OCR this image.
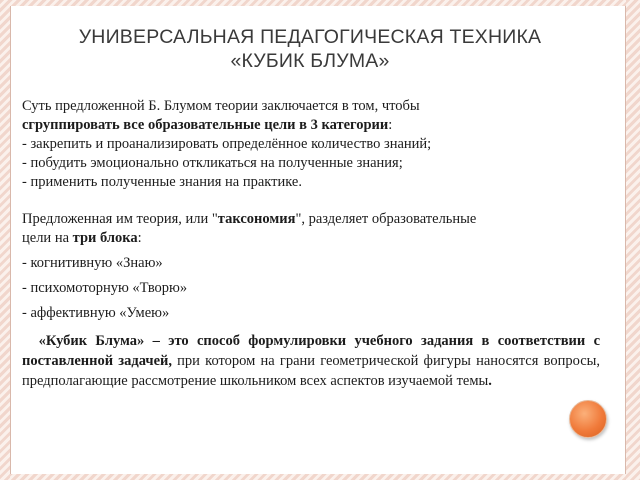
УНИВЕРСАЛЬНАЯ ПЕДАГОГИЧЕСКАЯ ТЕХНИКА
«КУБИК БЛУМА»
Суть предложенной Б. Блумом теории заключается в том, чтобы
сгруппировать все образовательные цели в 3 категории:
- закрепить и проанализировать определённое количество знаний;
- побудить эмоционально откликаться на полученные знания;
- применить полученные знания на практике.
Предложенная им теория, или "таксономия", разделяет образовательные
цели на три блока:
- когнитивную «Знаю»
- психомоторную «Творю»
- аффективную «Умею»
«Кубик Блума» – это способ формулировки учебного задания в соответствии с поставленной задачей, при котором на грани геометрической фигуры наносятся вопросы, предполагающие рассмотрение школьником всех аспектов изучаемой темы.
